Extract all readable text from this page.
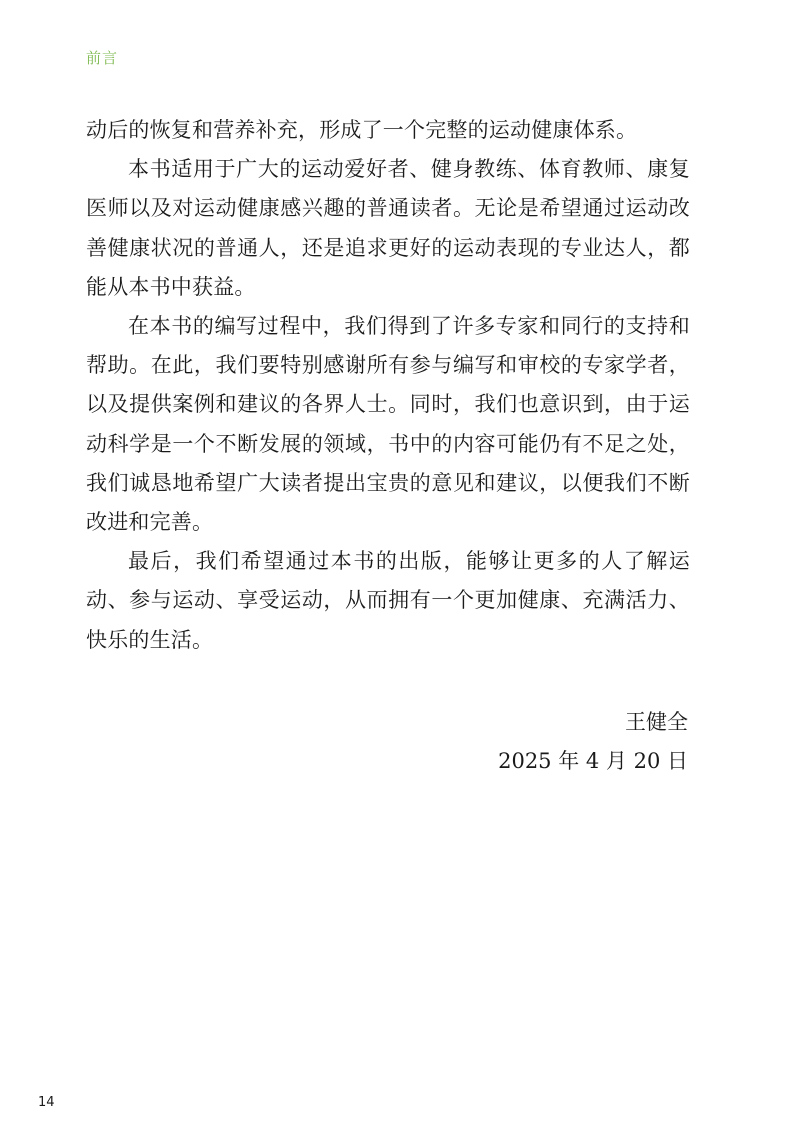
前言

动后的恢复和营养补充，形成了一个完整的运动健康体系。

本书适用于广大的运动爱好者、健身教练、体育教师、康复医师以及对运动健康感兴趣的普通读者。无论是希望通过运动改善健康状况的普通人，还是追求更好的运动表现的专业达人，都能从本书中获益。

在本书的编写过程中，我们得到了许多专家和同行的支持和帮助。在此，我们要特别感谢所有参与编写和审校的专家学者，以及提供案例和建议的各界人士。同时，我们也意识到，由于运动科学是一个不断发展的领域，书中的内容可能仍有不足之处，我们诚恳地希望广大读者提出宝贵的意见和建议，以便我们不断改进和完善。

最后，我们希望通过本书的出版，能够让更多的人了解运动、参与运动、享受运动，从而拥有一个更加健康、充满活力、快乐的生活。

王健全
2025 年 4 月 20 日
14
